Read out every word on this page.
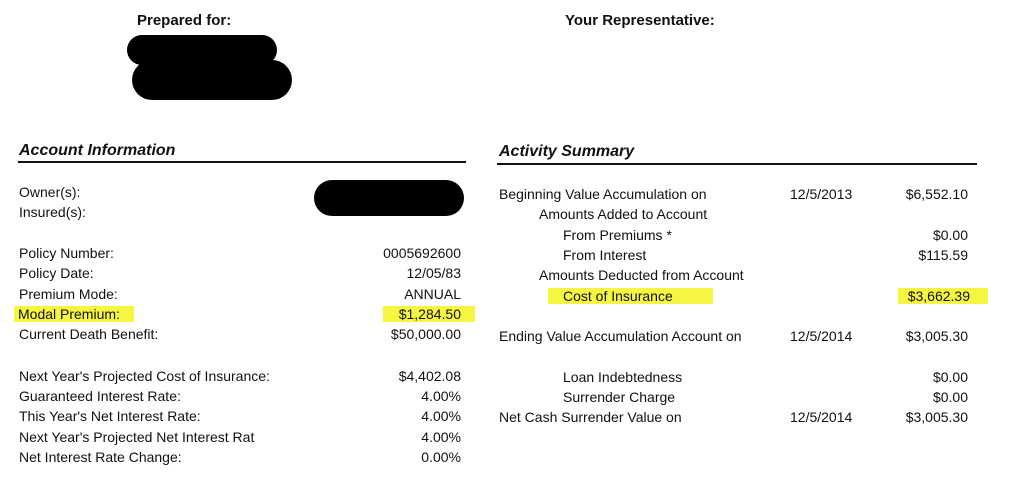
Prepared for:	Your Representative:
Account Information
Owner(s):
Insured(s):
Policy Number:	0005692600
Policy Date:	12/05/83
Premium Mode:	ANNUAL
Modal Premium:	$1,284.50
Current Death Benefit:	$50,000.00
Next Year's Projected Cost of Insurance:	$4,402.08
Guaranteed Interest Rate:	4.00%
This Year's Net Interest Rate:	4.00%
Next Year's Projected Net Interest Rat	4.00%
Net Interest Rate Change:	0.00%
Activity Summary
Beginning Value Accumulation on	12/5/2013	$6,552.10
Amounts Added to Account
From Premiums *	$0.00
From Interest	$115.59
Amounts Deducted from Account
Cost of Insurance	$3,662.39
Ending Value Accumulation Account on	12/5/2014	$3,005.30
Loan Indebtedness	$0.00
Surrender Charge	$0.00
Net Cash Surrender Value on	12/5/2014	$3,005.30
